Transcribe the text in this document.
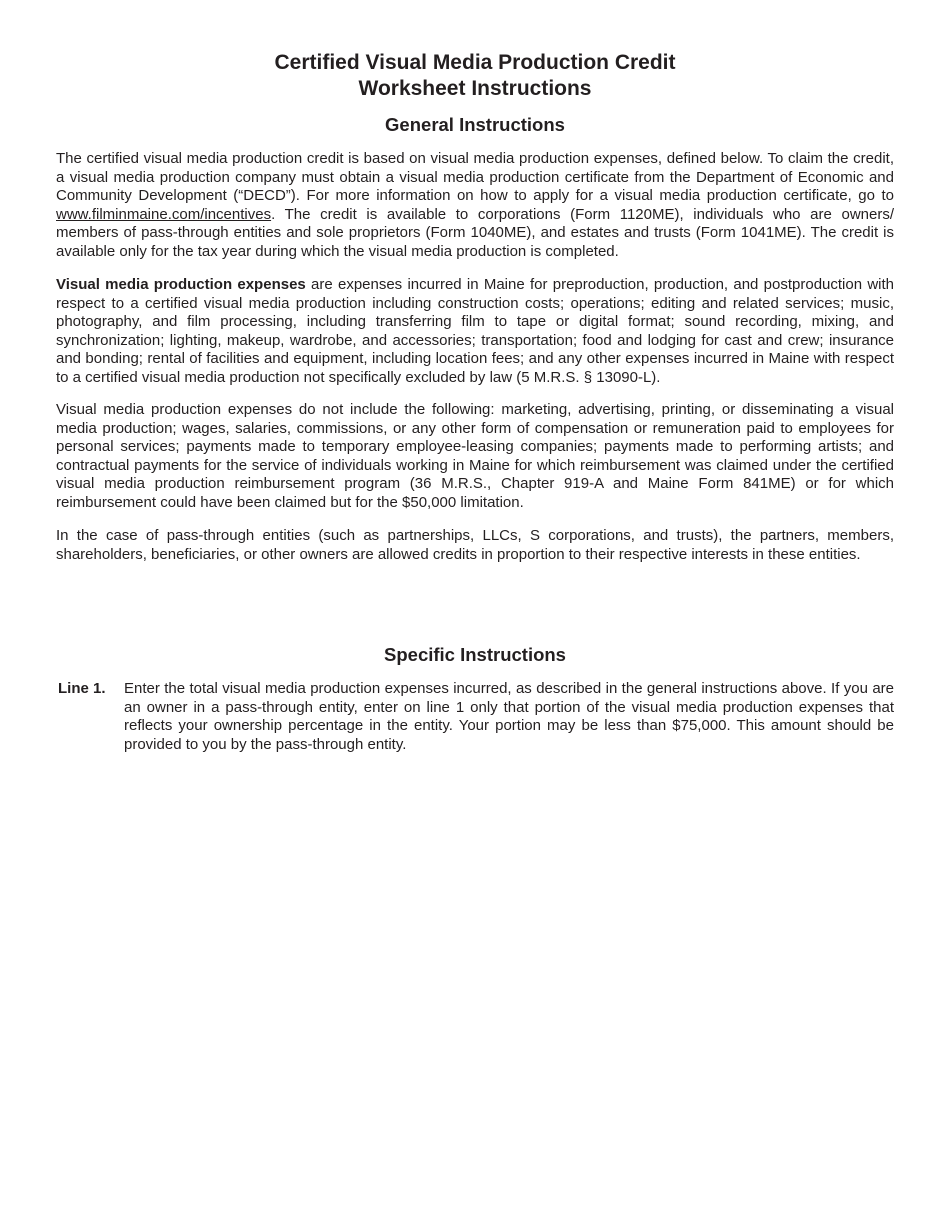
Certified Visual Media Production Credit
Worksheet Instructions
General Instructions

The certified visual media production credit is based on visual media production expenses, defined below. To claim the credit, a visual media production company must obtain a visual media production certificate from the Department of Economic and Community Development (“DECD”). For more information on how to apply for a visual media production certificate, go to www.filminmaine.com/incentives. The credit is available to corporations (Form 1120ME), individuals who are owners/ members of pass-through entities and sole proprietors (Form 1040ME), and estates and trusts (Form 1041ME). The credit is available only for the tax year during which the visual media production is completed.

Visual media production expenses are expenses incurred in Maine for preproduction, production, and postproduction with respect to a certified visual media production including construction costs; operations; editing and related services; music, photography, and film processing, including transferring film to tape or digital format; sound recording, mixing, and synchronization; lighting, makeup, wardrobe, and accessories; transportation; food and lodging for cast and crew; insurance and bonding; rental of facilities and equipment, including location fees; and any other expenses incurred in Maine with respect to a certified visual media production not specifically excluded by law (5 M.R.S. § 13090-L).

Visual media production expenses do not include the following: marketing, advertising, printing, or disseminating a visual media production; wages, salaries, commissions, or any other form of compensation or remuneration paid to employees for personal services; payments made to temporary employee-leasing companies; payments made to performing artists; and contractual payments for the service of individuals working in Maine for which reimbursement was claimed under the certified visual media production reimbursement program (36 M.R.S., Chapter 919-A and Maine Form 841ME) or for which reimbursement could have been claimed but for the $50,000 limitation.

In the case of pass-through entities (such as partnerships, LLCs, S corporations, and trusts), the partners, members, shareholders, beneficiaries, or other owners are allowed credits in proportion to their respective interests in these entities.

Specific Instructions
Line 1. Enter the total visual media production expenses incurred, as described in the general instructions above. If you are an owner in a pass-through entity, enter on line 1 only that portion of the visual media production expenses that reflects your ownership percentage in the entity. Your portion may be less than $75,000. This amount should be provided to you by the pass-through entity.
